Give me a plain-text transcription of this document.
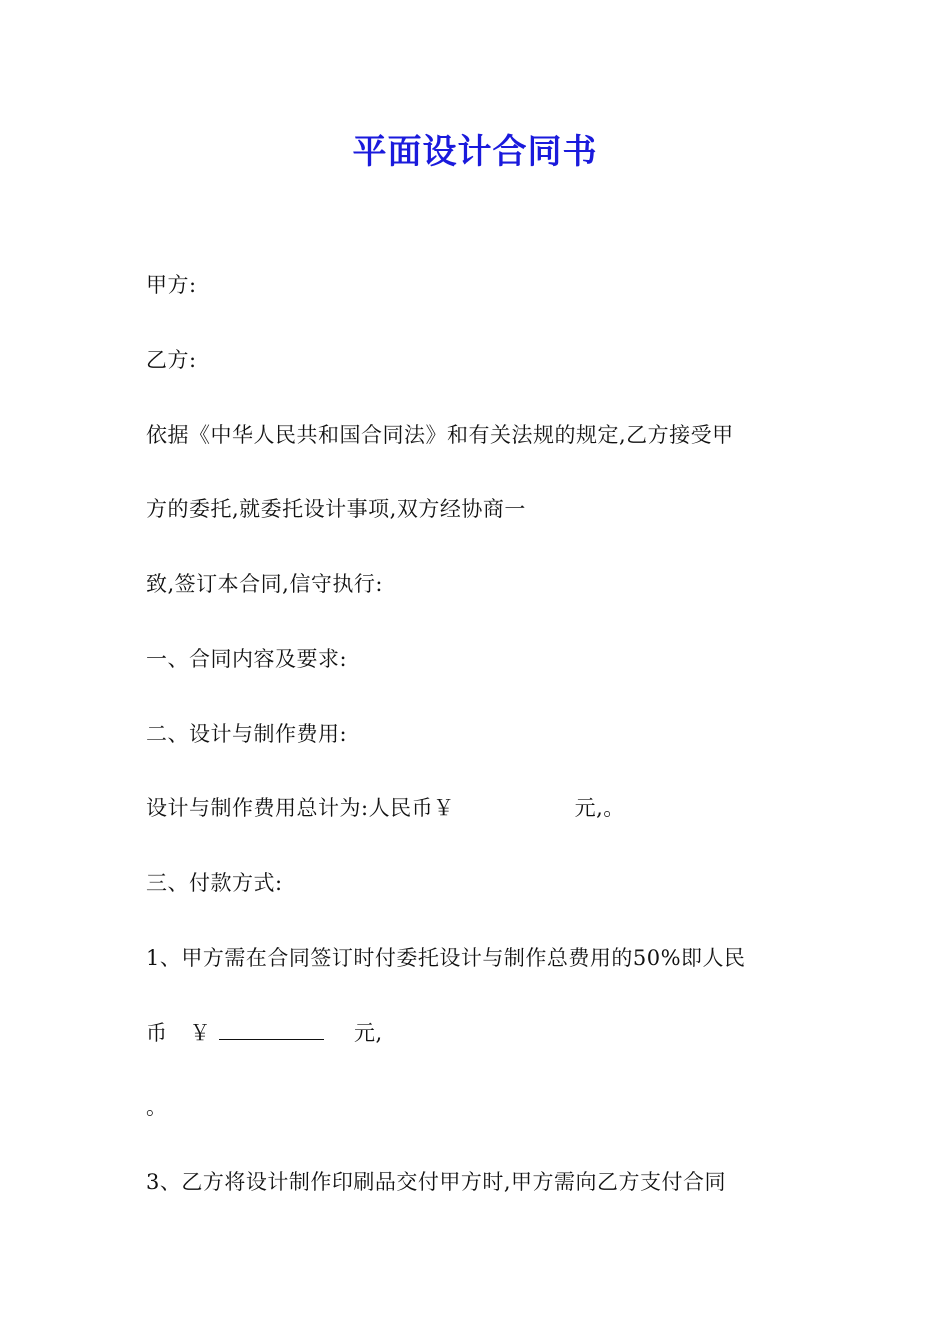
平面设计合同书
甲方:
乙方:
依据《中华人民共和国合同法》和有关法规的规定,乙方接受甲
方的委托,就委托设计事项,双方经协商一
致,签订本合同,信守执行:
一、合同内容及要求:
二、设计与制作费用:
设计与制作费用总计为:人民币￥	元,。
三、付款方式:
1、甲方需在合同签订时付委托设计与制作总费用的50%即人民
币 ￥	元,
。
3、乙方将设计制作印刷品交付甲方时,甲方需向乙方支付合同
